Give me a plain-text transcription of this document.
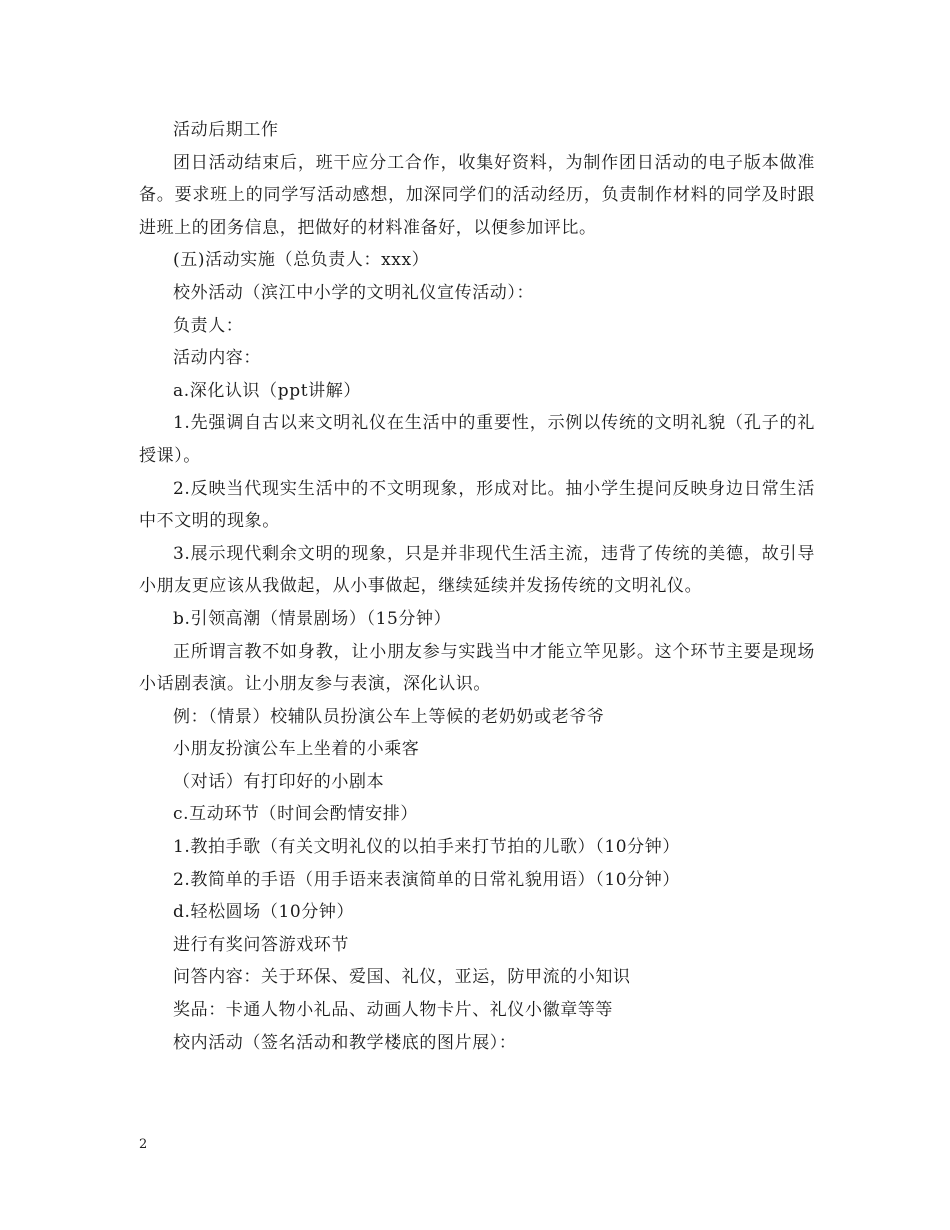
活动后期工作

团日活动结束后，班干应分工合作，收集好资料，为制作团日活动的电子版本做准备。要求班上的同学写活动感想，加深同学们的活动经历，负责制作材料的同学及时跟进班上的团务信息，把做好的材料准备好，以便参加评比。

(五)活动实施（总负责人：xxx）

校外活动（滨江中小学的文明礼仪宣传活动）：

负责人：

活动内容：

a.深化认识（ppt讲解）

1.先强调自古以来文明礼仪在生活中的重要性，示例以传统的文明礼貌（孔子的礼授课）。

2.反映当代现实生活中的不文明现象，形成对比。抽小学生提问反映身边日常生活中不文明的现象。

3.展示现代剩余文明的现象，只是并非现代生活主流，违背了传统的美德，故引导小朋友更应该从我做起，从小事做起，继续延续并发扬传统的文明礼仪。

b.引领高潮（情景剧场）（15分钟）

正所谓言教不如身教，让小朋友参与实践当中才能立竿见影。这个环节主要是现场小话剧表演。让小朋友参与表演，深化认识。

例：（情景）校辅队员扮演公车上等候的老奶奶或老爷爷

小朋友扮演公车上坐着的小乘客

（对话）有打印好的小剧本

c.互动环节（时间会酌情安排）

1.教拍手歌（有关文明礼仪的以拍手来打节拍的儿歌）（10分钟）

2.教简单的手语（用手语来表演简单的日常礼貌用语）（10分钟）

d.轻松圆场（10分钟）

进行有奖问答游戏环节

问答内容：关于环保、爱国、礼仪，亚运，防甲流的小知识

奖品：卡通人物小礼品、动画人物卡片、礼仪小徽章等等

校内活动（签名活动和教学楼底的图片展）：

2
